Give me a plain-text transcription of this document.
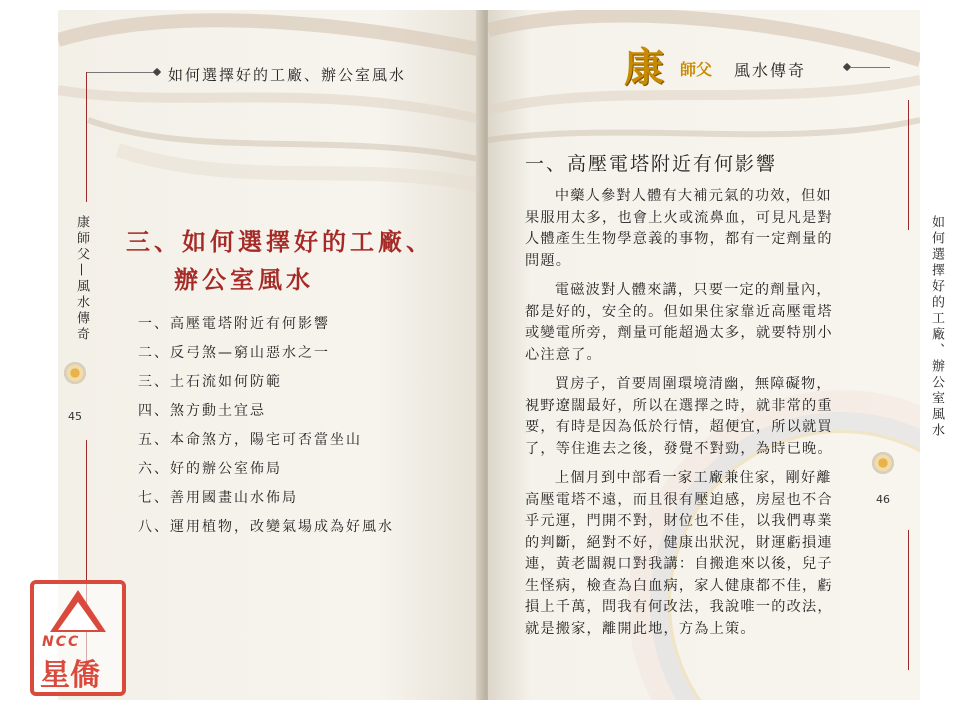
如何選擇好的工廠、辦公室風水
康師父—風水傳奇
45
三、如何選擇好的工廠、
辦公室風水
一、高壓電塔附近有何影響
二、反弓煞—窮山惡水之一
三、土石流如何防範
四、煞方動土宜忌
五、本命煞方，陽宅可否當坐山
六、好的辦公室佈局
七、善用國畫山水佈局
八、運用植物，改變氣場成為好風水
46
康 師父 風水傳奇
如何選擇好的工廠、辦公室風水
一、高壓電塔附近有何影響

中藥人參對人體有大補元氣的功效，但如果服用太多，也會上火或流鼻血，可見凡是對人體產生生物學意義的事物，都有一定劑量的問題。

電磁波對人體來講，只要一定的劑量內，都是好的，安全的。但如果住家靠近高壓電塔或變電所旁，劑量可能超過太多，就要特別小心注意了。

買房子，首要周圍環境清幽，無障礙物，視野遼闊最好，所以在選擇之時，就非常的重要，有時是因為低於行情，超便宜，所以就買了，等住進去之後，發覺不對勁，為時已晚。

上個月到中部看一家工廠兼住家，剛好離高壓電塔不遠，而且很有壓迫感，房屋也不合乎元運，門開不對，財位也不佳，以我們專業的判斷，絕對不好，健康出狀況，財運虧損連連，黃老闆親口對我講：自搬進來以後，兒子生怪病，檢查為白血病，家人健康都不佳，虧損上千萬，問我有何改法，我說唯一的改法，就是搬家，離開此地，方為上策。

NCC
星僑
